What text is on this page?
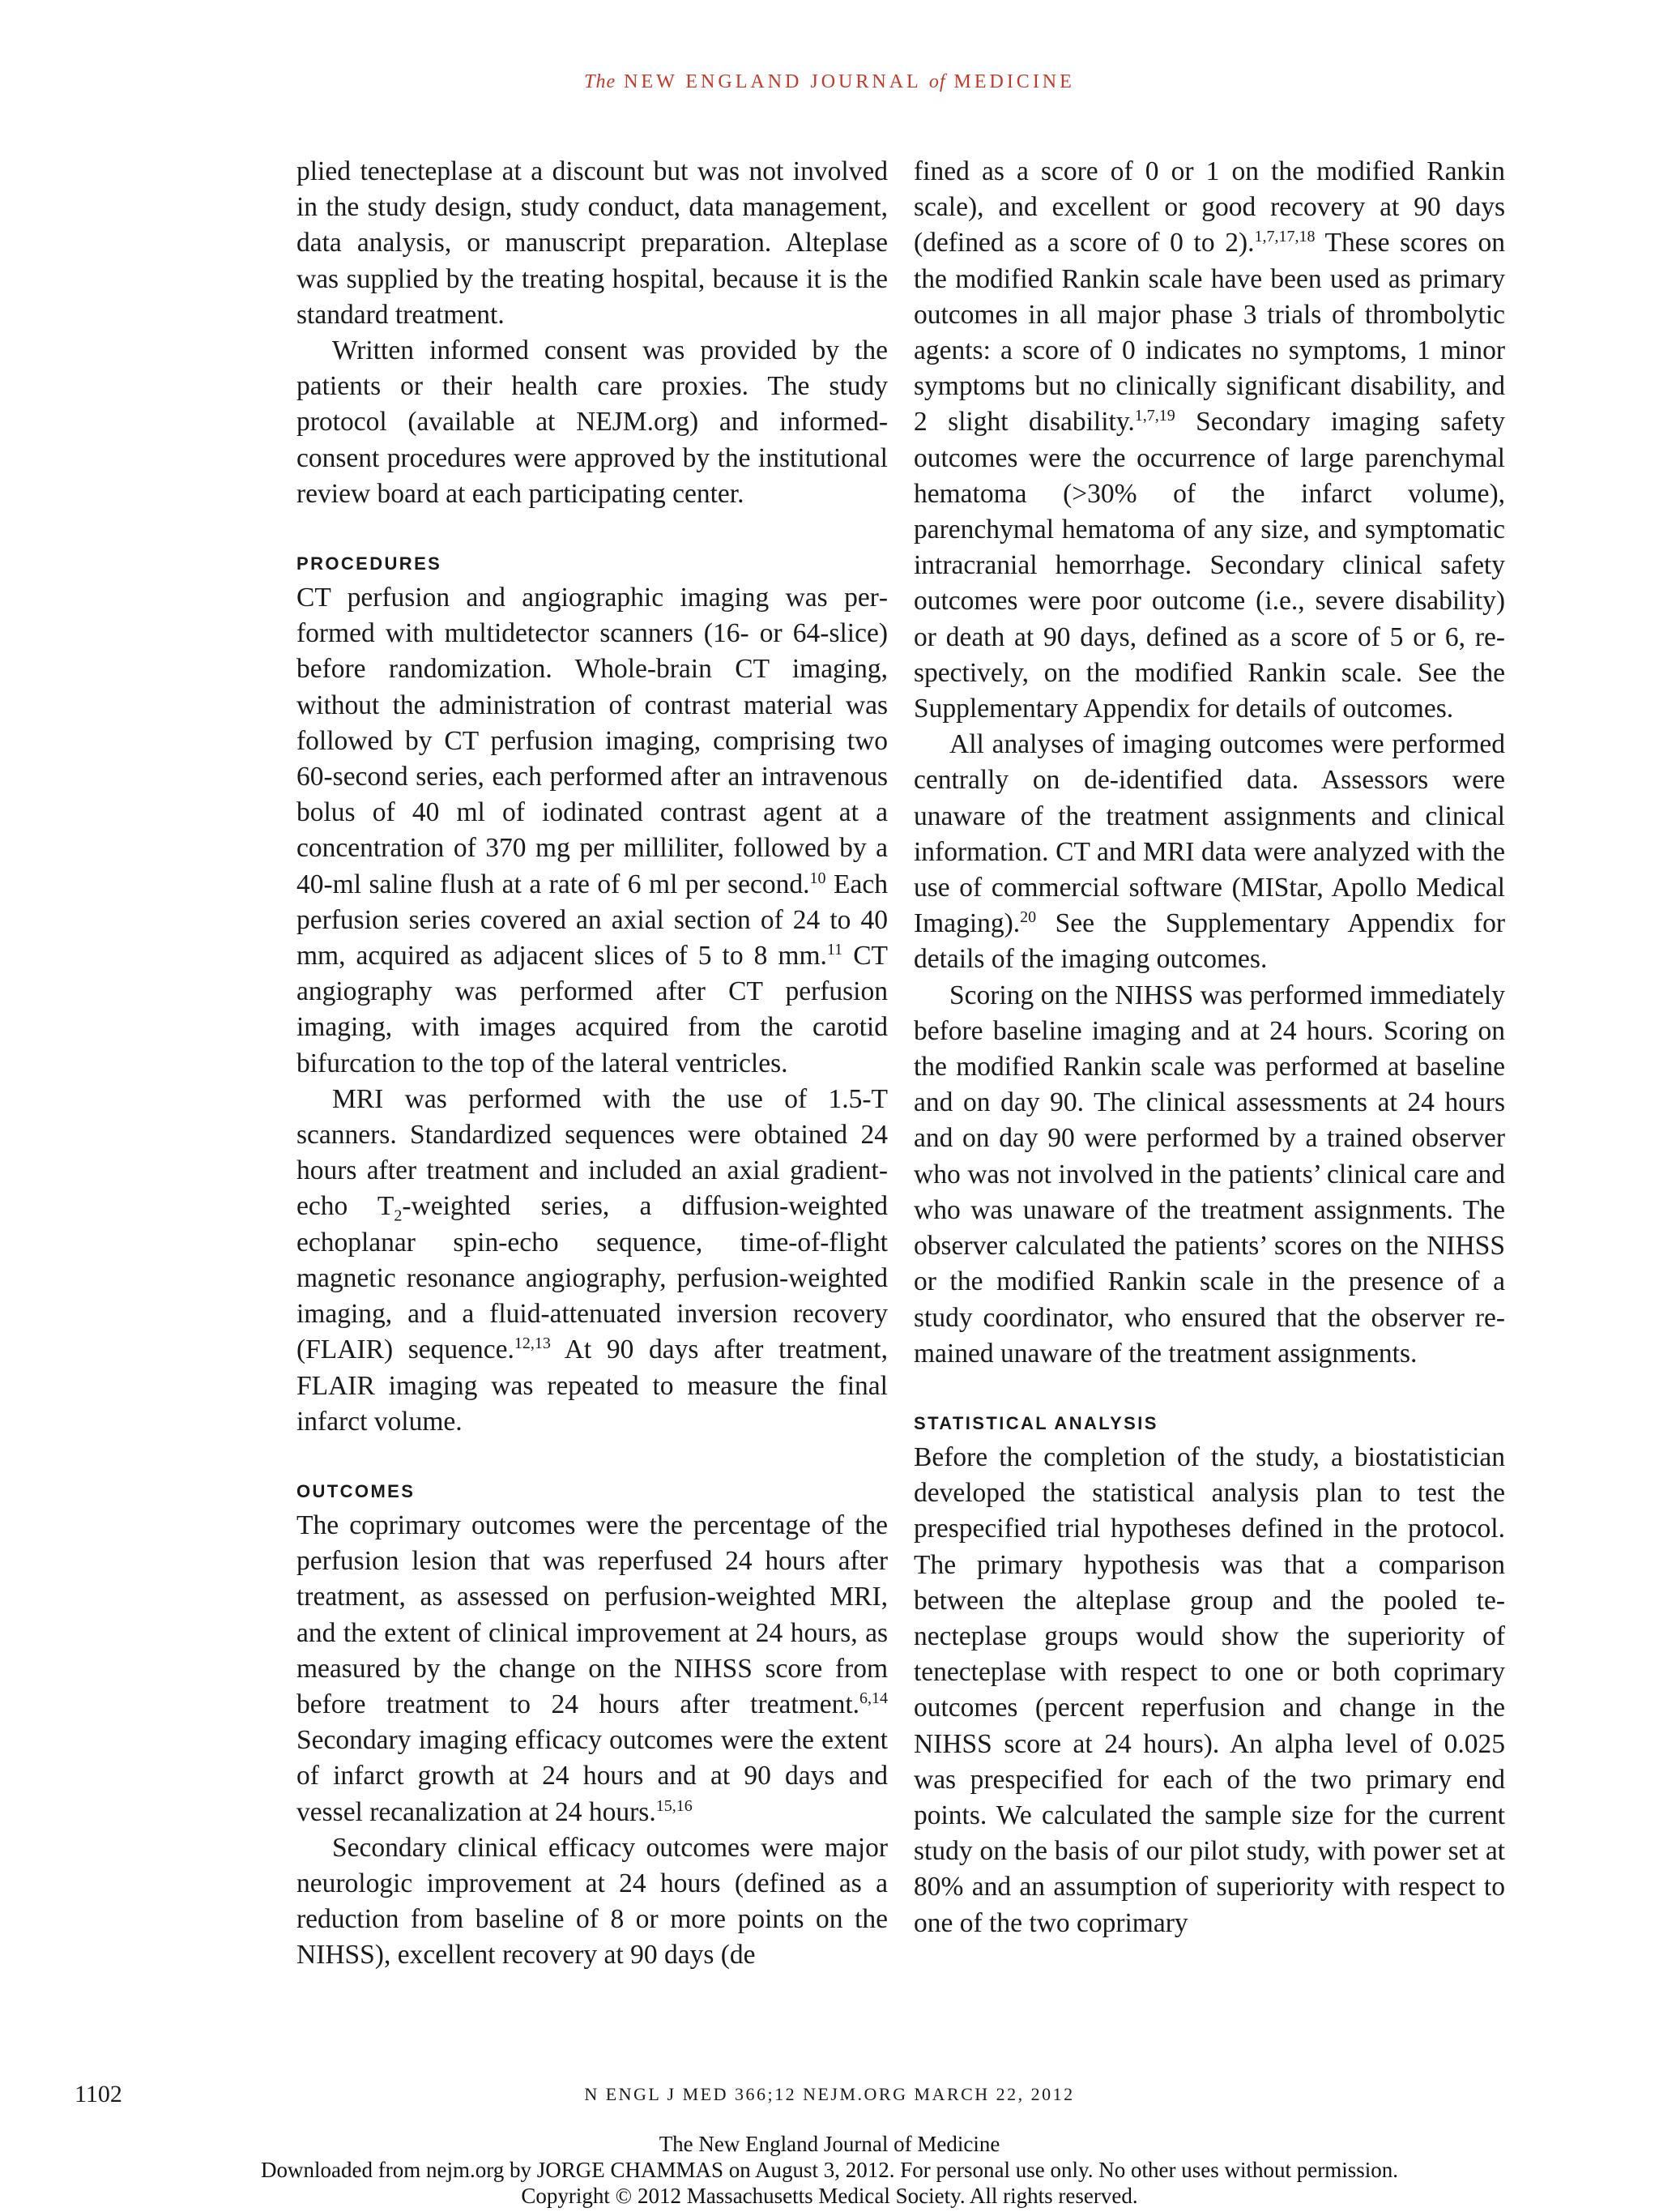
The NEW ENGLAND JOURNAL of MEDICINE

plied tenecteplase at a discount but was not involved in the study design, study conduct, data management, data analysis, or manuscript preparation. Alteplase was supplied by the treating hospital, because it is the standard treatment.

Written informed consent was provided by the patients or their health care proxies. The study protocol (available at NEJM.org) and informed-consent procedures were approved by the institutional review board at each participating center.

PROCEDURES

CT perfusion and angiographic imaging was performed with multidetector scanners (16- or 64-slice) before randomization. Whole-brain CT imaging, without the administration of contrast material was followed by CT perfusion imaging, comprising two 60-second series, each performed after an intravenous bolus of 40 ml of iodinated contrast agent at a concentration of 370 mg per milliliter, followed by a 40-ml saline flush at a rate of 6 ml per second.$^{10}$ Each perfusion series covered an axial section of 24 to 40 mm, acquired as adjacent slices of 5 to 8 mm.$^{11}$ CT angiography was performed after CT perfusion imaging, with images acquired from the carotid bifurcation to the top of the lateral ventricles.

MRI was performed with the use of 1.5-T scanners. Standardized sequences were obtained 24 hours after treatment and included an axial gradient-echo $T_2$-weighted series, a diffusion-weighted echoplanar spin-echo sequence, time-of-flight magnetic resonance angiography, perfusion-weighted imaging, and a fluid-attenuated inversion recovery (FLAIR) sequence.$^{12,13}$ At 90 days after treatment, FLAIR imaging was repeated to measure the final infarct volume.

OUTCOMES

The coprimary outcomes were the percentage of the perfusion lesion that was reperfused 24 hours after treatment, as assessed on perfusion-weighted MRI, and the extent of clinical improvement at 24 hours, as measured by the change on the NIHSS score from before treatment to 24 hours after treatment.$^{6,14}$ Secondary imaging efficacy outcomes were the extent of infarct growth at 24 hours and at 90 days and vessel recanalization at 24 hours.$^{15,16}$

Secondary clinical efficacy outcomes were major neurologic improvement at 24 hours (defined as a reduction from baseline of 8 or more points on the NIHSS), excellent recovery at 90 days (de

fined as a score of 0 or 1 on the modified Rankin scale), and excellent or good recovery at 90 days (defined as a score of 0 to 2).$^{1,7,17,18}$ These scores on the modified Rankin scale have been used as primary outcomes in all major phase 3 trials of thrombolytic agents: a score of 0 indicates no symptoms, 1 minor symptoms but no clinically significant disability, and 2 slight disability.$^{1,7,19}$ Secondary imaging safety outcomes were the occurrence of large parenchymal hematoma (>30% of the infarct volume), parenchymal hematoma of any size, and symptomatic intracranial hemorrhage. Secondary clinical safety outcomes were poor outcome (i.e., severe disability) or death at 90 days, defined as a score of 5 or 6, respectively, on the modified Rankin scale. See the Supplementary Appendix for details of outcomes.

All analyses of imaging outcomes were performed centrally on de-identified data. Assessors were unaware of the treatment assignments and clinical information. CT and MRI data were analyzed with the use of commercial software (MIStar, Apollo Medical Imaging).$^{20}$ See the Supplementary Appendix for details of the imaging outcomes.

Scoring on the NIHSS was performed immediately before baseline imaging and at 24 hours. Scoring on the modified Rankin scale was performed at baseline and on day 90. The clinical assessments at 24 hours and on day 90 were performed by a trained observer who was not involved in the patients’ clinical care and who was unaware of the treatment assignments. The observer calculated the patients’ scores on the NIHSS or the modified Rankin scale in the presence of a study coordinator, who ensured that the observer remained unaware of the treatment assignments.

STATISTICAL ANALYSIS

Before the completion of the study, a biostatistician developed the statistical analysis plan to test the prespecified trial hypotheses defined in the protocol. The primary hypothesis was that a comparison between the alteplase group and the pooled tenecteplase groups would show the superiority of tenecteplase with respect to one or both coprimary outcomes (percent reperfusion and change in the NIHSS score at 24 hours). An alpha level of 0.025 was prespecified for each of the two primary end points. We calculated the sample size for the current study on the basis of our pilot study, with power set at 80% and an assumption of superiority with respect to one of the two coprimary

1102	N ENGL J MED 366;12 NEJM.ORG MARCH 22, 2012
The New England Journal of Medicine
Downloaded from nejm.org by JORGE CHAMMAS on August 3, 2012. For personal use only. No other uses without permission.
Copyright © 2012 Massachusetts Medical Society. All rights reserved.
